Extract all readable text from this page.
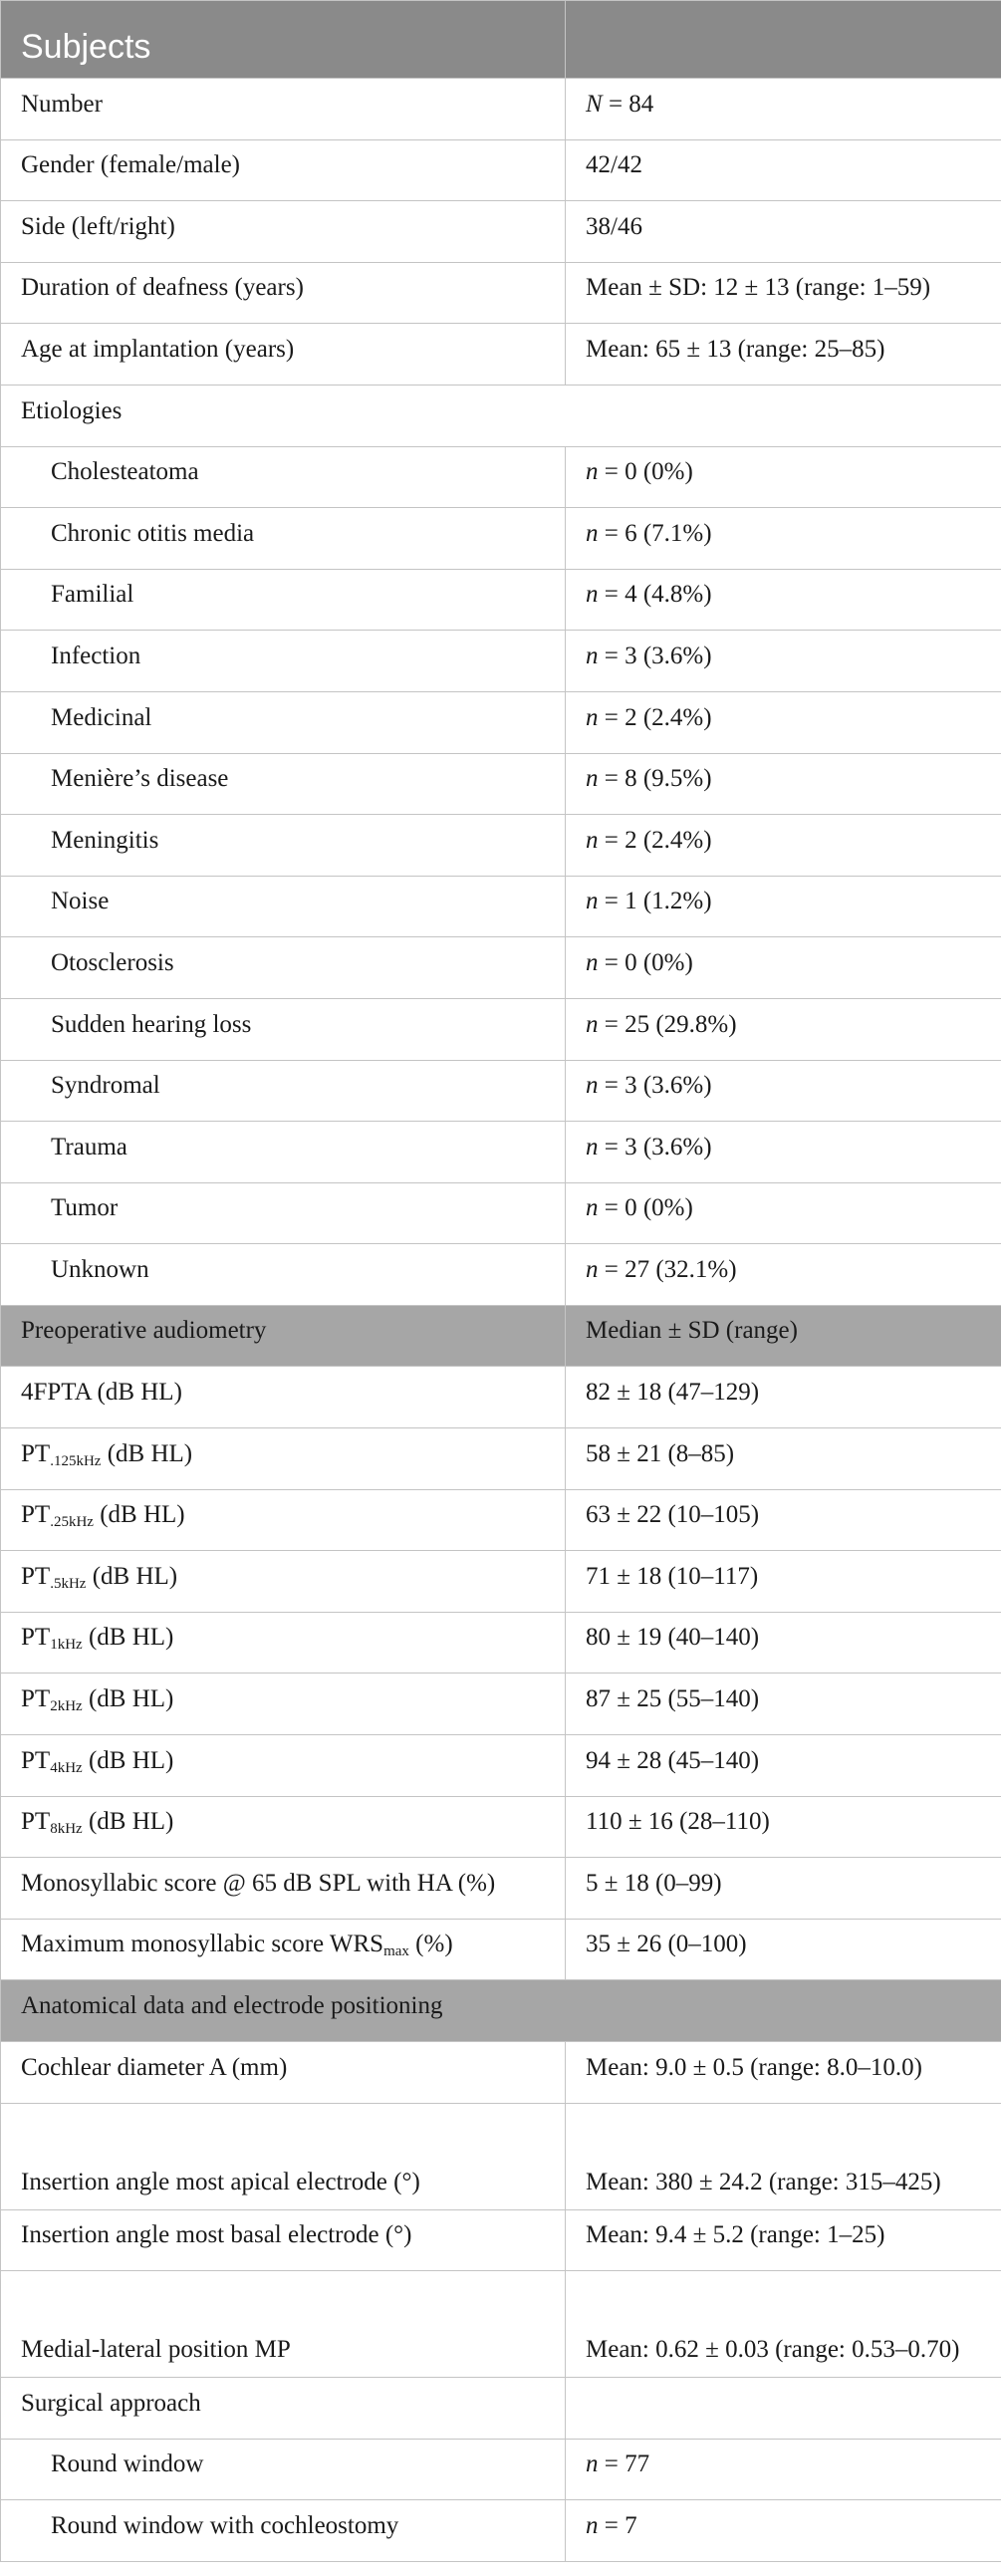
Subjects	
Number	N = 84
Gender (female/male)	42/42
Side (left/right)	38/46
Duration of deafness (years)	Mean ± SD: 12 ± 13 (range: 1–59)
Age at implantation (years)	Mean: 65 ± 13 (range: 25–85)
Etiologies	
Cholesteatoma	n = 0 (0%)
Chronic otitis media	n = 6 (7.1%)
Familial	n = 4 (4.8%)
Infection	n = 3 (3.6%)
Medicinal	n = 2 (2.4%)
Menière’s disease	n = 8 (9.5%)
Meningitis	n = 2 (2.4%)
Noise	n = 1 (1.2%)
Otosclerosis	n = 0 (0%)
Sudden hearing loss	n = 25 (29.8%)
Syndromal	n = 3 (3.6%)
Trauma	n = 3 (3.6%)
Tumor	n = 0 (0%)
Unknown	n = 27 (32.1%)
Preoperative audiometry	Median ± SD (range)
4FPTA (dB HL)	82 ± 18 (47–129)
$PT_{.125kHz}$ (dB HL)	58 ± 21 (8–85)
$PT_{.25kHz}$ (dB HL)	63 ± 22 (10–105)
$PT_{.5kHz}$ (dB HL)	71 ± 18 (10–117)
$PT_{1kHz}$ (dB HL)	80 ± 19 (40–140)
$PT_{2kHz}$ (dB HL)	87 ± 25 (55–140)
$PT_{4kHz}$ (dB HL)	94 ± 28 (45–140)
$PT_{8kHz}$ (dB HL)	110 ± 16 (28–110)
Monosyllabic score @ 65 dB SPL with HA (%)	5 ± 18 (0–99)
Maximum monosyllabic score $WRS_{max}$ (%)	35 ± 26 (0–100)
Anatomical data and electrode positioning	
Cochlear diameter A (mm)	Mean: 9.0 ± 0.5 (range: 8.0–10.0)
Insertion angle most apical electrode (°)	Mean: 380 ± 24.2 (range: 315–425)
Insertion angle most basal electrode (°)	Mean: 9.4 ± 5.2 (range: 1–25)
Medial-lateral position MP	Mean: 0.62 ± 0.03 (range: 0.53–0.70)
Surgical approach	
Round window	n = 77
Round window with cochleostomy	n = 7
